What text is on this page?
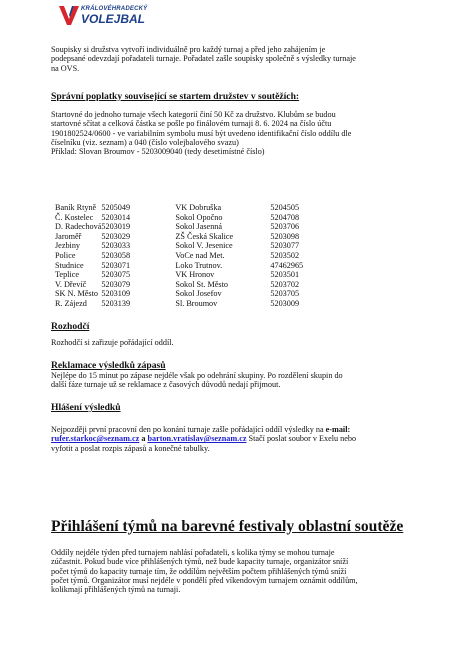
KRÁLOVÉHRADECKÝ
VOLEJBAL

Soupisky si družstva vytvoří individuálně pro každý turnaj a před jeho zahájením je
podepsané odevzdají pořadateli turnaje. Pořadatel zašle soupisky společně s výsledky turnaje
na OVS.

Správní poplatky související se startem družstev v soutěžích:

Startovné do jednoho turnaje všech kategorií činí 50 Kč za družstvo. Klubům se budou
startovné sčítat a celková částka se pošle po finálovém turnaji 8. 6. 2024 na číslo účtu
1901802524/0600 - ve variabilním symbolu musí být uvedeno identifikační číslo oddílu dle
číselníku (viz. seznam) a 040 (číslo volejbalového svazu)
Příklad: Slovan Broumov - 5203009040 (tedy desetimístné číslo)

Baník Rtyně	5205049	VK Dobruška	5204505
Č. Kostelec	5203014	Sokol Opočno	5204708
D. Radechová	5203019	Sokol Jasenná	5203706
Jaroměř	5203029	ZŠ Česká Skalice	5203098
Jezbiny	5203033	Sokol V. Jesenice	5203077
Police	5203058	VoCe nad Met.	5203502
Studnice	5203071	Loko Trutnov.	47462965
Teplice	5203075	VK Hronov	5203501
V. Dřevíč	5203079	Sokol St. Město	5203702
SK N. Město	5203109	Sokol Josefov	5203705
R. Zájezd	5203139	Sl. Broumov	5203009
Rozhodčí

Rozhodčí si zařizuje pořádající oddíl.

Reklamace výsledků zápasů

Nejlépe do 15 minut po zápase nejdéle však po odehrání skupiny. Po rozdělení skupin do
další fáze turnaje už se reklamace z časových důvodů nedají přijmout.

Hlášení výsledků

Nejpozději první pracovní den po konání turnaje zašle pořádající oddíl výsledky na e-mail:
rufer.starkoc@seznam.cz a barton.vratislav@seznam.cz Stačí poslat soubor v Exelu nebo
vyfotit a poslat rozpis zápasů a konečné tabulky.

Přihlášení týmů na barevné festivaly oblastní soutěže

Oddíly nejdéle týden před turnajem nahlásí pořadateli, s kolika týmy se mohou turnaje
zúčastnit. Pokud bude více přihlášených týmů, než bude kapacity turnaje, organizátor sníží
počet týmů do kapacity turnaje tím, že oddílům největším počtem přihlášených týmů sníží
počet týmů. Organizátor musí nejdéle v pondělí před víkendovým turnajem oznámit oddílům,
kolikmají přihlášených týmů na turnaji.
